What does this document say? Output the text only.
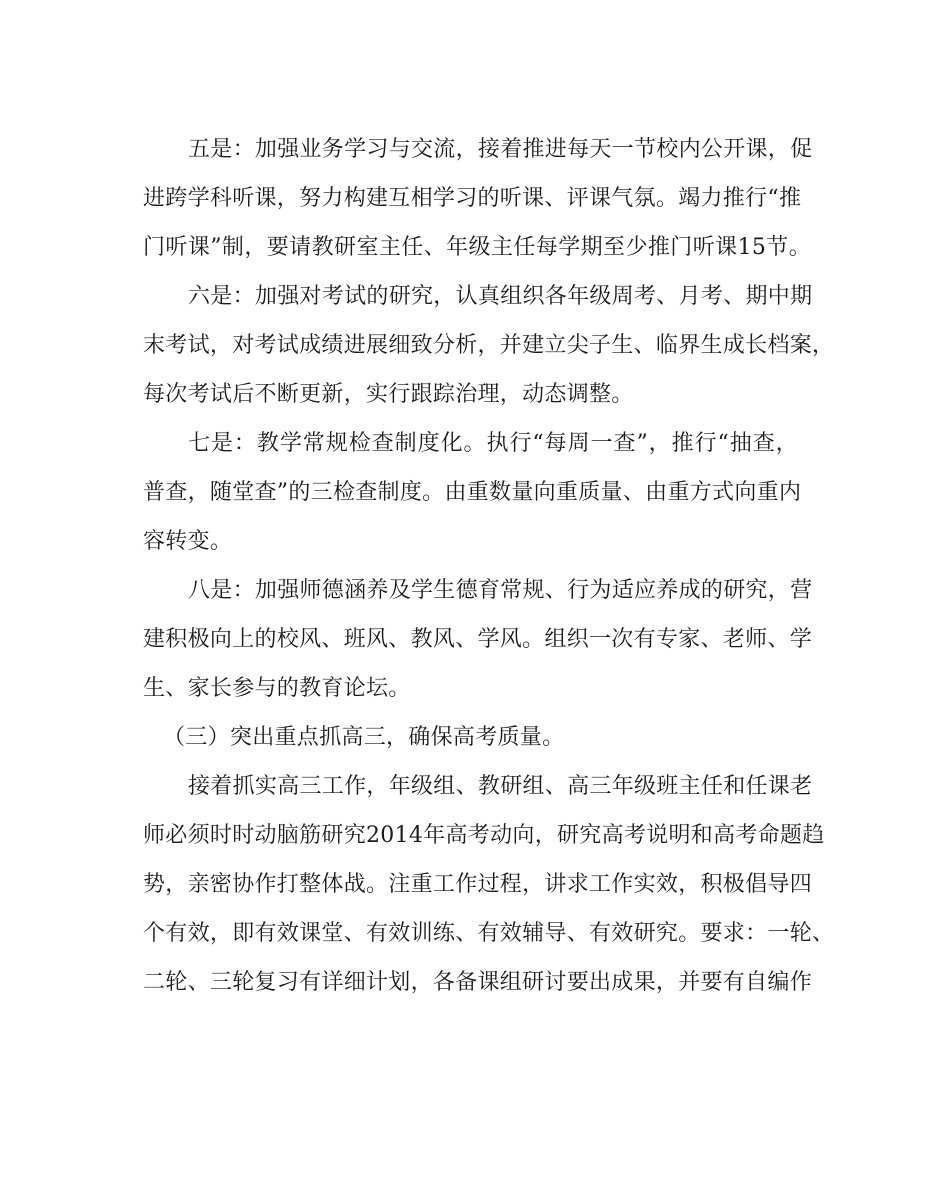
五是：加强业务学习与交流，接着推进每天一节校内公开课，促
进跨学科听课，努力构建互相学习的听课、评课气氛。竭力推行“推
门听课”制，要请教研室主任、年级主任每学期至少推门听课15节。
六是：加强对考试的研究，认真组织各年级周考、月考、期中期
末考试，对考试成绩进展细致分析，并建立尖子生、临界生成长档案，
每次考试后不断更新，实行跟踪治理，动态调整。
七是：教学常规检查制度化。执行“每周一查”，推行“抽查，
普查，随堂查”的三检查制度。由重数量向重质量、由重方式向重内
容转变。
八是：加强师德涵养及学生德育常规、行为适应养成的研究，营
建积极向上的校风、班风、教风、学风。组织一次有专家、老师、学
生、家长参与的教育论坛。
（三）突出重点抓高三，确保高考质量。
接着抓实高三工作，年级组、教研组、高三年级班主任和任课老
师必须时时动脑筋研究2014年高考动向，研究高考说明和高考命题趋
势，亲密协作打整体战。注重工作过程，讲求工作实效，积极倡导四
个有效，即有效课堂、有效训练、有效辅导、有效研究。要求：一轮、
二轮、三轮复习有详细计划，各备课组研讨要出成果，并要有自编作
